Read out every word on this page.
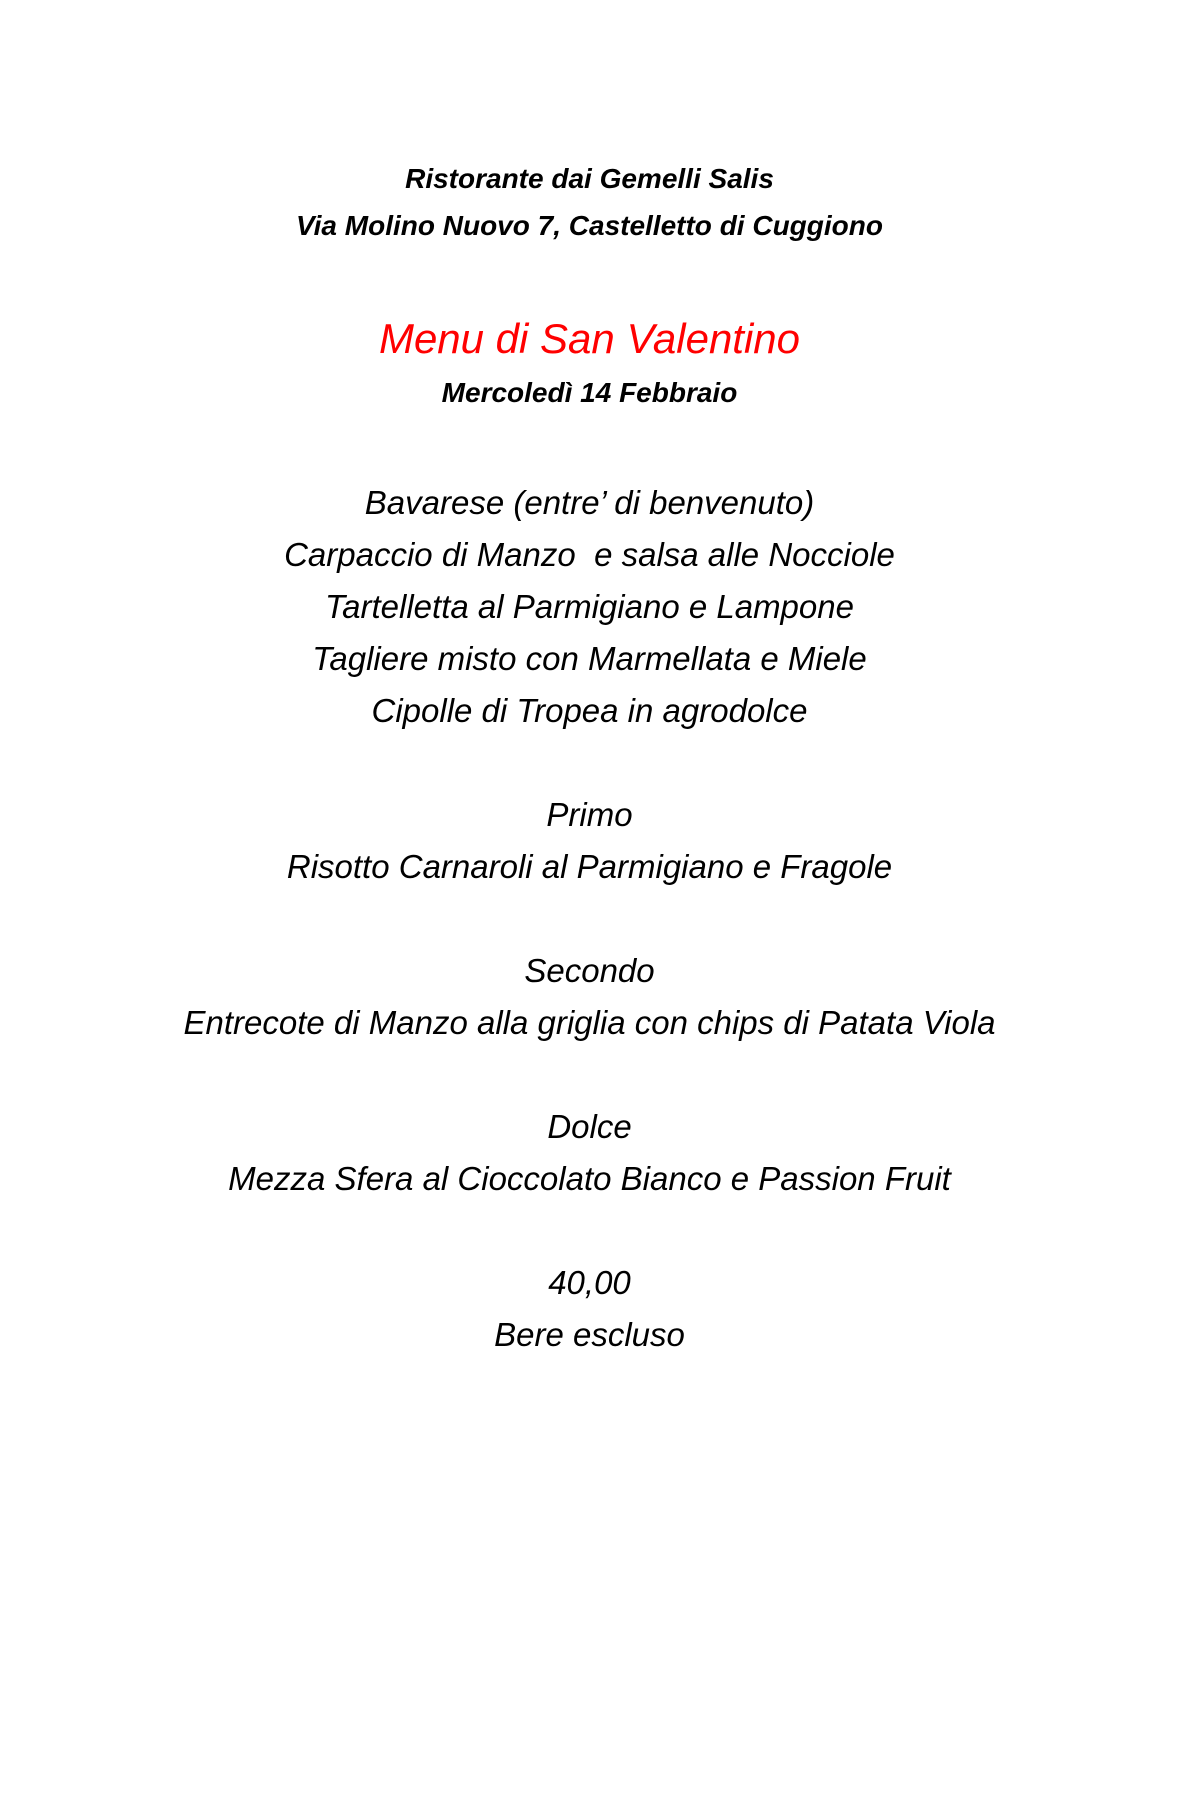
Ristorante dai Gemelli Salis
Via Molino Nuovo 7, Castelletto di Cuggiono
Menu di San Valentino
Mercoledì 14 Febbraio
Bavarese (entre’ di benvenuto)
Carpaccio di Manzo  e salsa alle Nocciole
Tartelletta al Parmigiano e Lampone
Tagliere misto con Marmellata e Miele
Cipolle di Tropea in agrodolce
Primo
Risotto Carnaroli al Parmigiano e Fragole
Secondo
Entrecote di Manzo alla griglia con chips di Patata Viola
Dolce
Mezza Sfera al Cioccolato Bianco e Passion Fruit
40,00
Bere escluso
